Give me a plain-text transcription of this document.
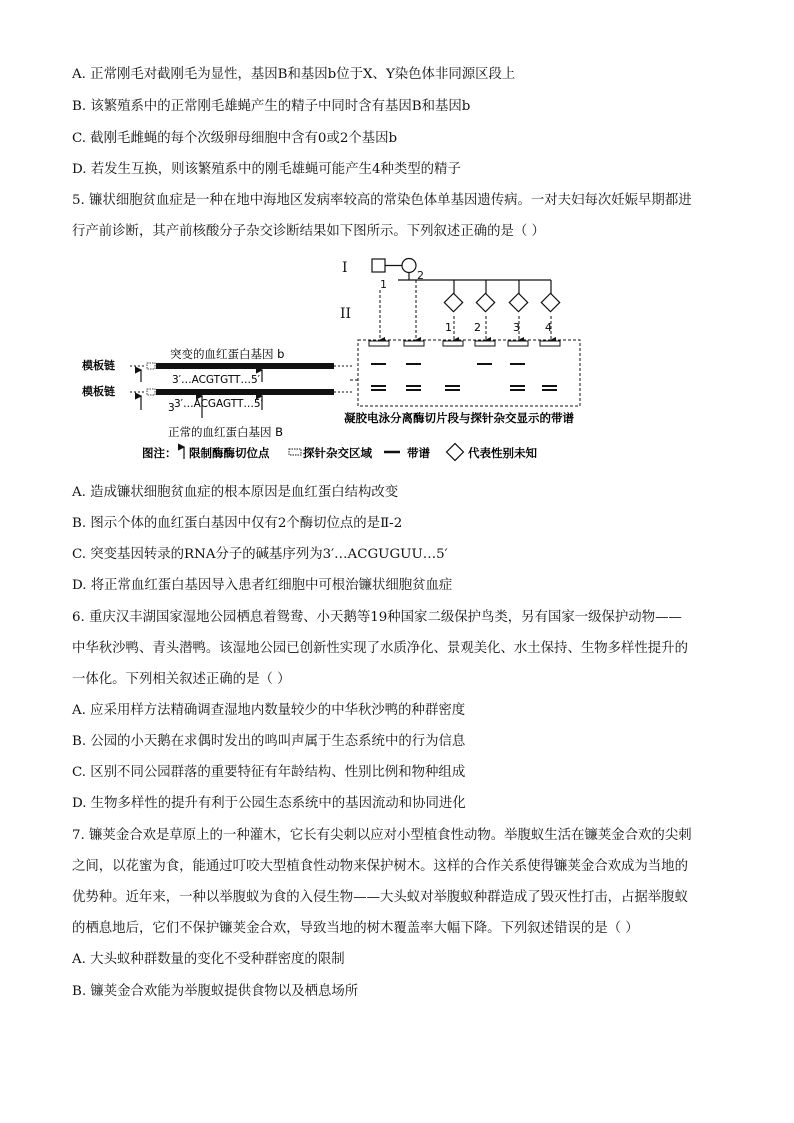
A. 正常刚毛对截刚毛为显性，基因B和基因b位于X、Y染色体非同源区段上
B. 该繁殖系中的正常刚毛雄蝇产生的精子中同时含有基因B和基因b
C. 截刚毛雌蝇的每个次级卵母细胞中含有0或2个基因b
D. 若发生互换，则该繁殖系中的刚毛雄蝇可能产生4种类型的精子
5. 镰状细胞贫血症是一种在地中海地区发病率较高的常染色体单基因遗传病。一对夫妇每次妊娠早期都进
行产前诊断，其产前核酸分子杂交诊断结果如下图所示。下列叙述正确的是（ ）
I
II
1
2
1 2	3 4
模板链
模板链
突变的血红蛋白基因 b
3′…ACGTGTT…5′
3 3′…ACGAGTT…5′
正常的血红蛋白基因 B
凝胶电泳分离酶切片段与探针杂交显示的带谱
图注： 限制酶酶切位点	探针杂交区域	带谱	代表性别未知
A. 造成镰状细胞贫血症的根本原因是血红蛋白结构改变
B. 图示个体的血红蛋白基因中仅有2个酶切位点的是Ⅱ-2
C. 突变基因转录的RNA分子的碱基序列为3′…ACGUGUU…5′
D. 将正常血红蛋白基因导入患者红细胞中可根治镰状细胞贫血症
6. 重庆汉丰湖国家湿地公园栖息着鸳鸯、小天鹅等19种国家二级保护鸟类，另有国家一级保护动物——
中华秋沙鸭、青头潜鸭。该湿地公园已创新性实现了水质净化、景观美化、水土保持、生物多样性提升的
一体化。下列相关叙述正确的是（ ）
A. 应采用样方法精确调查湿地内数量较少的中华秋沙鸭的种群密度
B. 公园的小天鹅在求偶时发出的鸣叫声属于生态系统中的行为信息
C. 区别不同公园群落的重要特征有年龄结构、性别比例和物种组成
D. 生物多样性的提升有利于公园生态系统中的基因流动和协同进化
7. 镰荚金合欢是草原上的一种灌木，它长有尖刺以应对小型植食性动物。举腹蚁生活在镰荚金合欢的尖刺
之间，以花蜜为食，能通过叮咬大型植食性动物来保护树木。这样的合作关系使得镰荚金合欢成为当地的
优势种。近年来，一种以举腹蚁为食的入侵生物——大头蚁对举腹蚁种群造成了毁灭性打击，占据举腹蚁
的栖息地后，它们不保护镰荚金合欢，导致当地的树木覆盖率大幅下降。下列叙述错误的是（ ）
A. 大头蚁种群数量的变化不受种群密度的限制
B. 镰荚金合欢能为举腹蚁提供食物以及栖息场所
